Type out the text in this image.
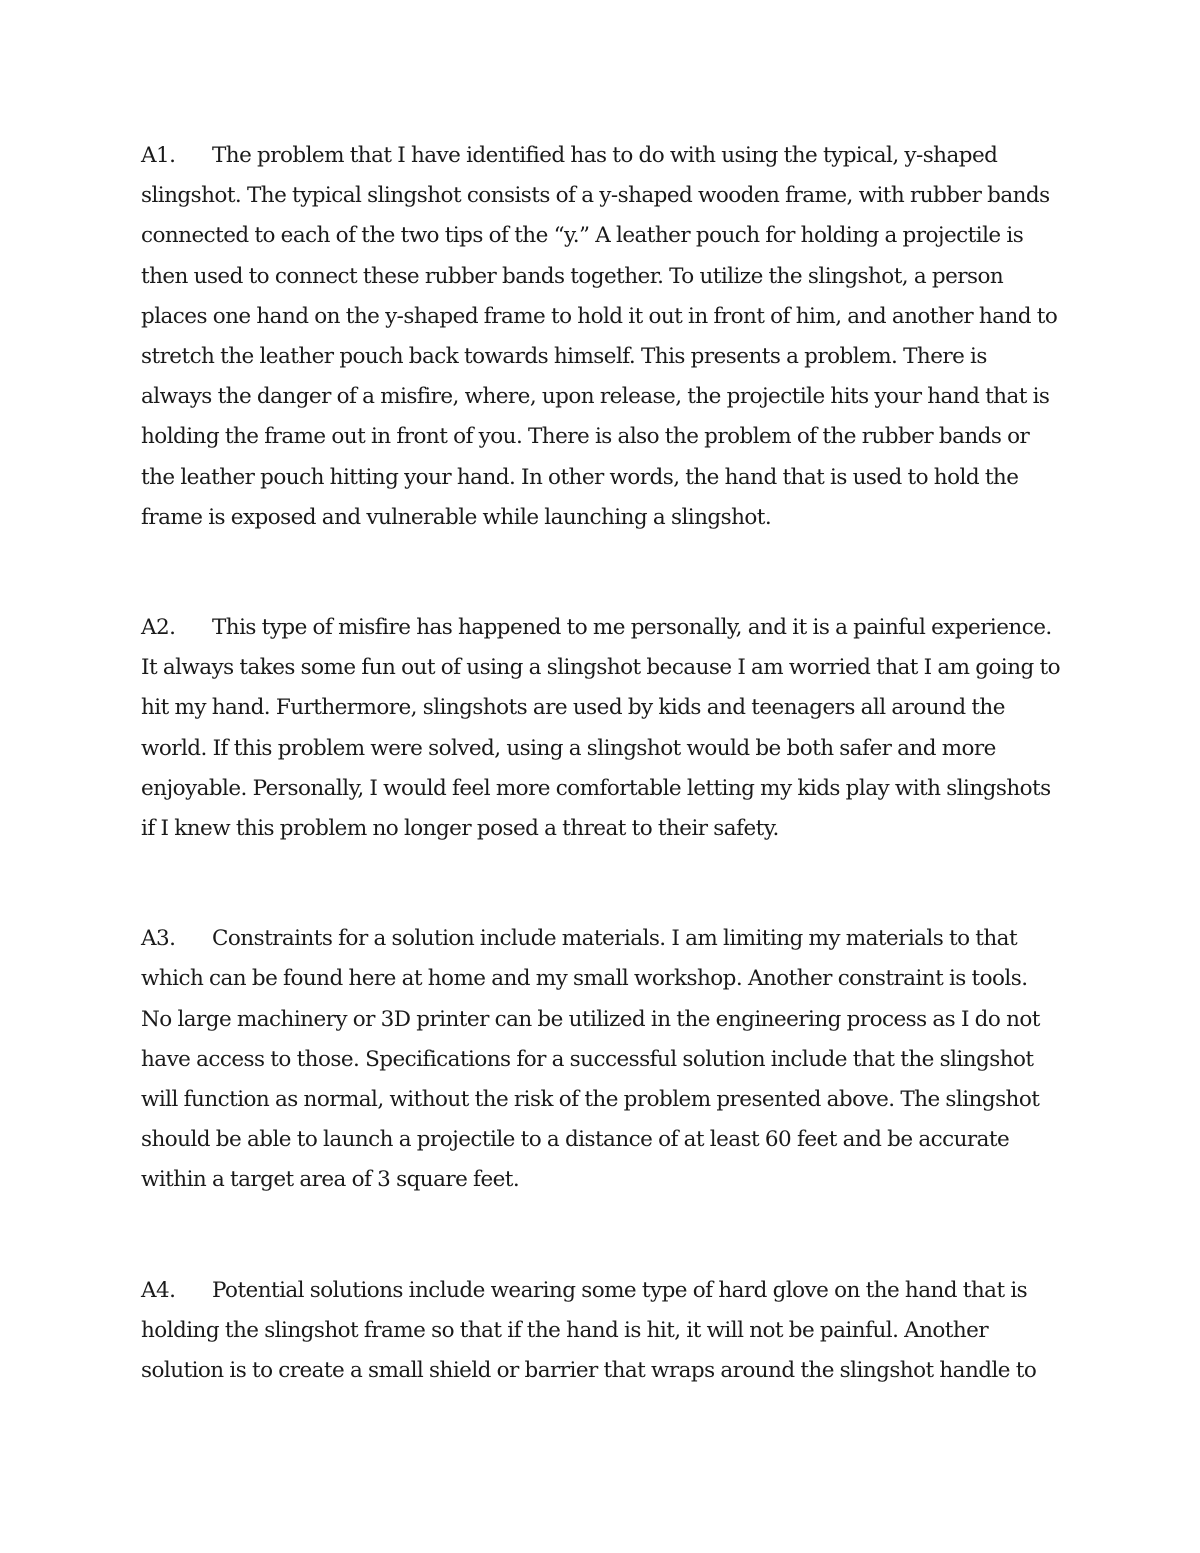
A1. The problem that I have identified has to do with using the typical, y-shaped slingshot. The typical slingshot consists of a y-shaped wooden frame, with rubber bands connected to each of the two tips of the “y.” A leather pouch for holding a projectile is then used to connect these rubber bands together. To utilize the slingshot, a person places one hand on the y-shaped frame to hold it out in front of him, and another hand to stretch the leather pouch back towards himself. This presents a problem. There is always the danger of a misfire, where, upon release, the projectile hits your hand that is holding the frame out in front of you. There is also the problem of the rubber bands or the leather pouch hitting your hand. In other words, the hand that is used to hold the frame is exposed and vulnerable while launching a slingshot.

A2. This type of misfire has happened to me personally, and it is a painful experience. It always takes some fun out of using a slingshot because I am worried that I am going to hit my hand. Furthermore, slingshots are used by kids and teenagers all around the world. If this problem were solved, using a slingshot would be both safer and more enjoyable. Personally, I would feel more comfortable letting my kids play with slingshots if I knew this problem no longer posed a threat to their safety.

A3. Constraints for a solution include materials. I am limiting my materials to that which can be found here at home and my small workshop. Another constraint is tools. No large machinery or 3D printer can be utilized in the engineering process as I do not have access to those. Specifications for a successful solution include that the slingshot will function as normal, without the risk of the problem presented above. The slingshot should be able to launch a projectile to a distance of at least 60 feet and be accurate within a target area of 3 square feet.

A4. Potential solutions include wearing some type of hard glove on the hand that is holding the slingshot frame so that if the hand is hit, it will not be painful. Another solution is to create a small shield or barrier that wraps around the slingshot handle to
